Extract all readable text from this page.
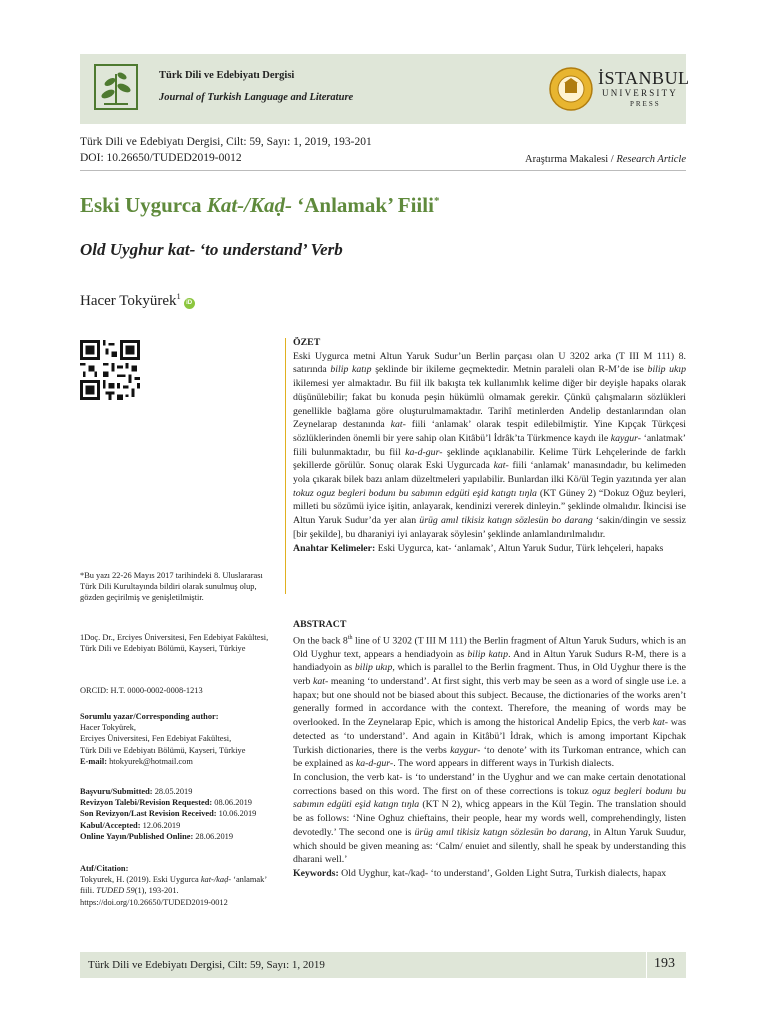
Türk Dili ve Edebiyatı Dergisi
Journal of Turkish Language and Literature
İSTANBUL
UNIVERSITY
PRESS
Türk Dili ve Edebiyatı Dergisi, Cilt: 59, Sayı: 1, 2019, 193-201
DOI: 10.26650/TUDED2019-0012	Araştırma Makalesi / Research Article
Eski Uygurca Kat-/Kaḍ- ‘Anlamak’ Fiili*
Old Uyghur kat- ‘to understand’ Verb
Hacer Tokyürek$^1$iD
*Bu yazı 22-26 Mayıs 2017 tarihindeki 8. Uluslararası Türk Dili Kurultayında bildiri olarak sunulmuş olup, gözden geçirilmiş ve genişletilmiştir.
1Doç. Dr., Erciyes Üniversitesi, Fen Edebiyat Fakültesi, Türk Dili ve Edebiyatı Bölümü, Kayseri, Türkiye
ORCID: H.T. 0000-0002-0008-1213

Sorumlu yazar/Corresponding author:

Hacer Tokyürek,

Erciyes Üniversitesi, Fen Edebiyat Fakültesi,

Türk Dili ve Edebiyatı Bölümü, Kayseri, Türkiye

E-mail: htokyurek@hotmail.com

Başvuru/Submitted: 28.05.2019

Revizyon Talebi/Revision Requested: 08.06.2019

Son Revizyon/Last Revision Received: 10.06.2019

Kabul/Accepted: 12.06.2019

Online Yayın/Published Online: 28.06.2019

Atıf/Citation:

Tokyurek, H. (2019). Eski Uygurca kat-/kaḍ- ‘anlamak’ fiili. TUDED 59(1), 193-201.

https://doi.org/10.26650/TUDED2019-0012

ÖZET

Eski Uygurca metni Altun Yaruk Sudur’un Berlin parçası olan U 3202 arka (T III M 111) 8. satırında bilip katıp şeklinde bir ikileme geçmektedir. Metnin paraleli olan R-M’de ise bilip ukıp ikilemesi yer almaktadır. Bu fiil ilk bakışta tek kullanımlık kelime diğer bir deyişle hapaks olarak düşünülebilir; fakat bu konuda peşin hükümlü olmamak gerekir. Çünkü çalışmaların sözlükleri genellikle bağlama göre oluşturulmamaktadır. Tarihî metinlerden Andelip destanlarından olan Zeynelarap destanında kat- fiili ‘anlamak’ olarak tespit edilebilmiştir. Yine Kıpçak Türkçesi sözlüklerinden önemli bir yere sahip olan Kitâbü’l İdrâk’ta Türkmence kaydı ile kaygur- ‘anlatmak’ fiili bulunmaktadır, bu fiil ka-d-gur- şeklinde açıklanabilir. Kelime Türk Lehçelerinde de farklı şekillerde görülür. Sonuç olarak Eski Uygurcada kat- fiili ‘anlamak’ manasındadır, bu kelimeden yola çıkarak bilek bazı anlam düzeltmeleri yapılabilir. Bunlardan ilki Kö/ül Tegin yazıtında yer alan tokuz oguz begleri bodunı bu sabımın edgüti eşid katıgtı tıŋla (KT Güney 2) “Dokuz Oğuz beyleri, milleti bu sözümü iyice işitin, anlayarak, kendinizi vererek dinleyin.” şeklinde olmalıdır. İkincisi ise Altun Yaruk Sudur’da yer alan ürüg amıl tikisiz katıgn sözlesün bo darang ‘sakin/dingin ve sessiz [bir şekilde], bu dharaniyi iyi anlayarak söylesin’ şeklinde anlamlandırılmalıdır.

Anahtar Kelimeler: Eski Uygurca, kat- ‘anlamak’, Altun Yaruk Sudur, Türk lehçeleri, hapaks

ABSTRACT

On the back 8th line of U 3202 (T III M 111) the Berlin fragment of Altun Yaruk Sudurs, which is an Old Uyghur text, appears a hendiadyoin as bilip katıp. And in Altun Yaruk Sudurs R-M, there is a handiadyoin as bilip ukıp, which is parallel to the Berlin fragment. Thus, in Old Uyghur there is the verb kat- meaning ‘to understand’. At first sight, this verb may be seen as a word of single use i.e. a hapax; but one should not be biased about this subject. Because, the dictionaries of the works aren’t generally formed in accordance with the context. Therefore, the meaning of words may be overlooked. In the Zeynelarap Epic, which is among the historical Andelip Epics, the verb kat- was detected as ‘to understand’. And again in Kitâbü’l İdrak, which is among important Kipchak Turkish dictionaries, there is the verbs kaygur- ‘to denote’ with its Turkoman entrance, which can be explained as ka-d-gur-. The word appears in different ways in Turkish dialects.

In conclusion, the verb kat- is ‘to understand’ in the Uyghur and we can make certain denotational corrections based on this word. The first on of these corrections is tokuz oguz begleri bodunı bu sabımın edgüti eşid katıgn tıŋla (KT N 2), whicg appears in the Kül Tegin. The translation should be as follows: ‘Nine Oghuz chieftains, their people, hear my words well, comprehendingly, listen devotedly.’ The second one is ürüg amıl tikisiz katıgn sözlesün bo darang, in Altun Yaruk Suudur, which should be given meaning as: ‘Calm/ enuiet and silently, shall he speak by understanding this dharani well.’

Keywords: Old Uyghur, kat-/kaḍ- ‘to understand’, Golden Light Sutra, Turkish dialects, hapax

Türk Dili ve Edebiyatı Dergisi, Cilt: 59, Sayı: 1, 2019	193
